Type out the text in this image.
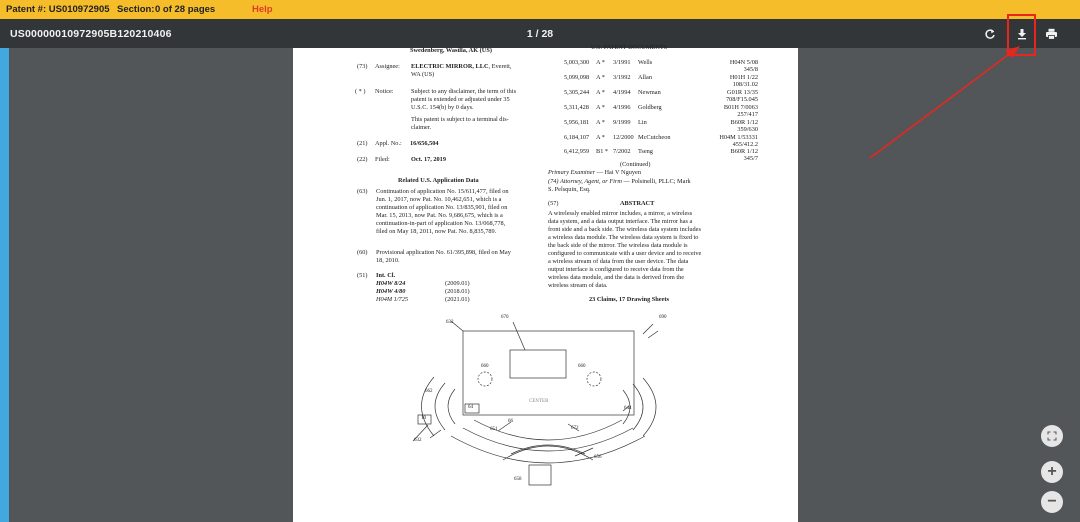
Patent #: US010972905 Section: 0 of 28 pages	Help
US00000010972905B120210406	1 / 28
Swedenberg, Wasilla, AK (US)
(73) Assignee: ELECTRIC MIRROR, LLC, Everett,
WA (US)
( * ) Notice:	Subject to any disclaimer, the term of this
patent is extended or adjusted under 35
U.S.C. 154(b) by 0 days.
This patent is subject to a terminal dis-
claimer.
(21) Appl. No.: 16/656,504
(22) Filed:	Oct. 17, 2019
Related U.S. Application Data
(63) Continuation of application No. 15/611,477, filed on
Jun. 1, 2017, now Pat. No. 10,462,651, which is a
continuation of application No. 13/835,901, filed on
Mar. 15, 2013, now Pat. No. 9,686,675, which is a
continuation-in-part of application No. 13/068,778,
filed on May 18, 2011, now Pat. No. 8,835,789.
(60) Provisional application No. 61/395,898, filed on May
18, 2010.
(51) Int. Cl.
H04W 8/24	(2009.01)
H04W 4/80	(2018.01)
H04M 1/725	(2021.01)
U.S. PATENT DOCUMENTS
5,003,300 A * 3/1991 Wells	H04N 5/08
345/8
5,099,098 A * 3/1992 Allan	H01H 1/22
108/31.02
5,305,244 A * 4/1994 Newman	G01R 13/35
708/F15.045
5,311,428 A * 4/1996 Goldberg	B01H 7/0063
257/417
5,956,181 A * 9/1999 Lin	B60R 1/12
359/630
6,184,107 A * 12/2000 McCutcheon	H04M 1/53331
455/412.2
6,412,959 B1 * 7/2002 Tseng	B60R 1/12
345/7
(Continued)
Primary Examiner — Hai V Nguyen
(74) Attorney, Agent, or Firm — Polsinelli, PLLC; Mark
S. Pelsquin, Esq.
(57)	ABSTRACT
A wirelessly enabled mirror includes, a mirror, a wireless
data system, and a data output interface. The mirror has a
front side and a back side. The wireless data system includes
a wireless data module. The wireless data system is fixed to
the back side of the mirror. The wireless data module is
configured to communicate with a user device and to receive
a wireless stream of data from the user device. The data
output interface is configured to receive data from the
wireless data module, and the data is derived from the
wireless stream of data.
23 Claims, 17 Drawing Sheets
632
670	690
660	660
662
64
10
632
651
644
672
656
658
66
CENTER
+
−
